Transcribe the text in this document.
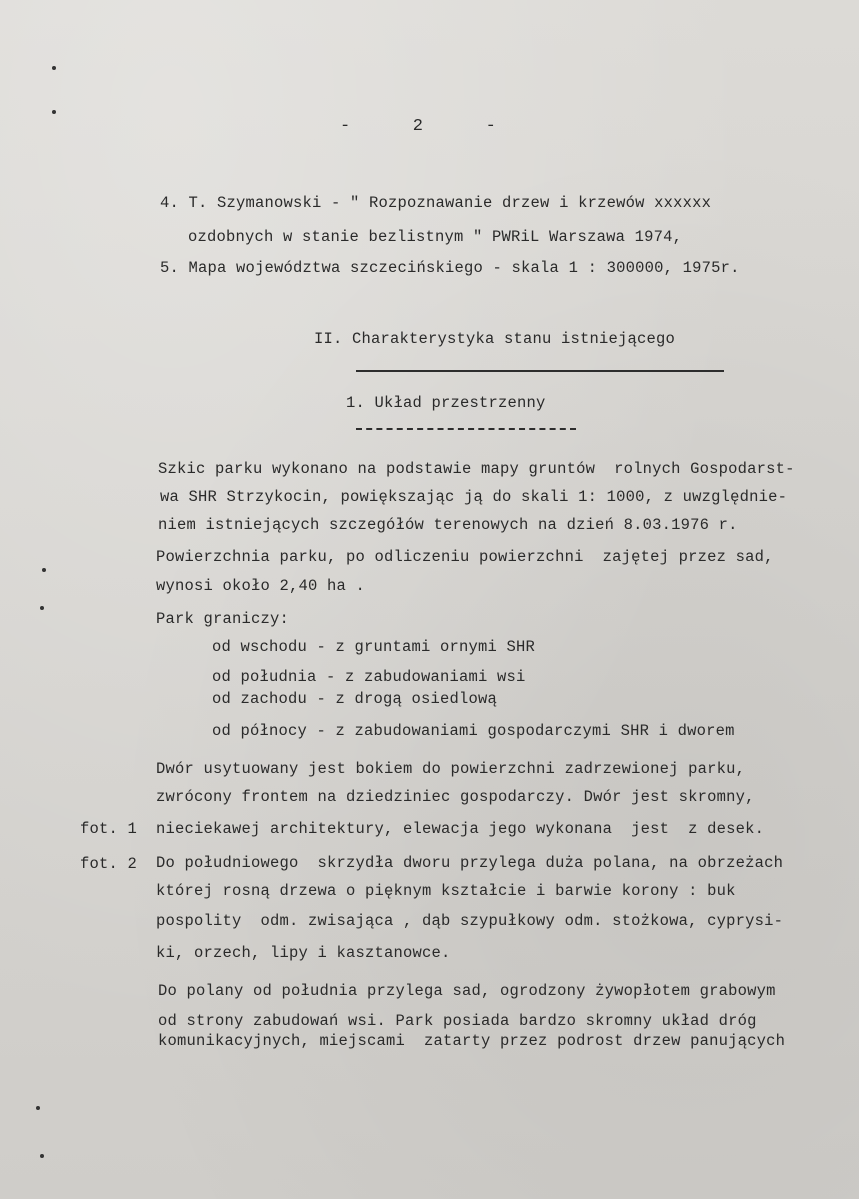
-      2      -
4. T. Szymanowski - " Rozpoznawanie drzew i krzewów xxxxxx
ozdobnych w stanie bezlistnym " PWRiL Warszawa 1974,
5. Mapa województwa szczecińskiego - skala 1 : 300000, 1975r.
II. Charakterystyka stanu istniejącego
1. Układ przestrzenny
Szkic parku wykonano na podstawie mapy gruntów  rolnych Gospodarst-
wa SHR Strzykocin, powiększając ją do skali 1: 1000, z uwzględnie-
niem istniejących szczegółów terenowych na dzień 8.03.1976 r.
Powierzchnia parku, po odliczeniu powierzchni  zajętej przez sad,
wynosi około 2,40 ha .
Park graniczy:
od wschodu - z gruntami ornymi SHR
od południa - z zabudowaniami wsi
od zachodu - z drogą osiedlową
od północy - z zabudowaniami gospodarczymi SHR i dworem
Dwór usytuowany jest bokiem do powierzchni zadrzewionej parku,
zwrócony frontem na dziedziniec gospodarczy. Dwór jest skromny,
fot. 1 nieciekawej architektury, elewacja jego wykonana  jest  z desek.
fot. 2 Do południowego  skrzydła dworu przylega duża polana, na obrzeżach
której rosną drzewa o pięknym kształcie i barwie korony : buk
pospolity  odm. zwisająca , dąb szypułkowy odm. stożkowa, cyprysi-
ki, orzech, lipy i kasztanowce.
Do polany od południa przylega sad, ogrodzony żywopłotem grabowym
od strony zabudowań wsi. Park posiada bardzo skromny układ dróg
komunikacyjnych, miejscami  zatarty przez podrost drzew panujących
